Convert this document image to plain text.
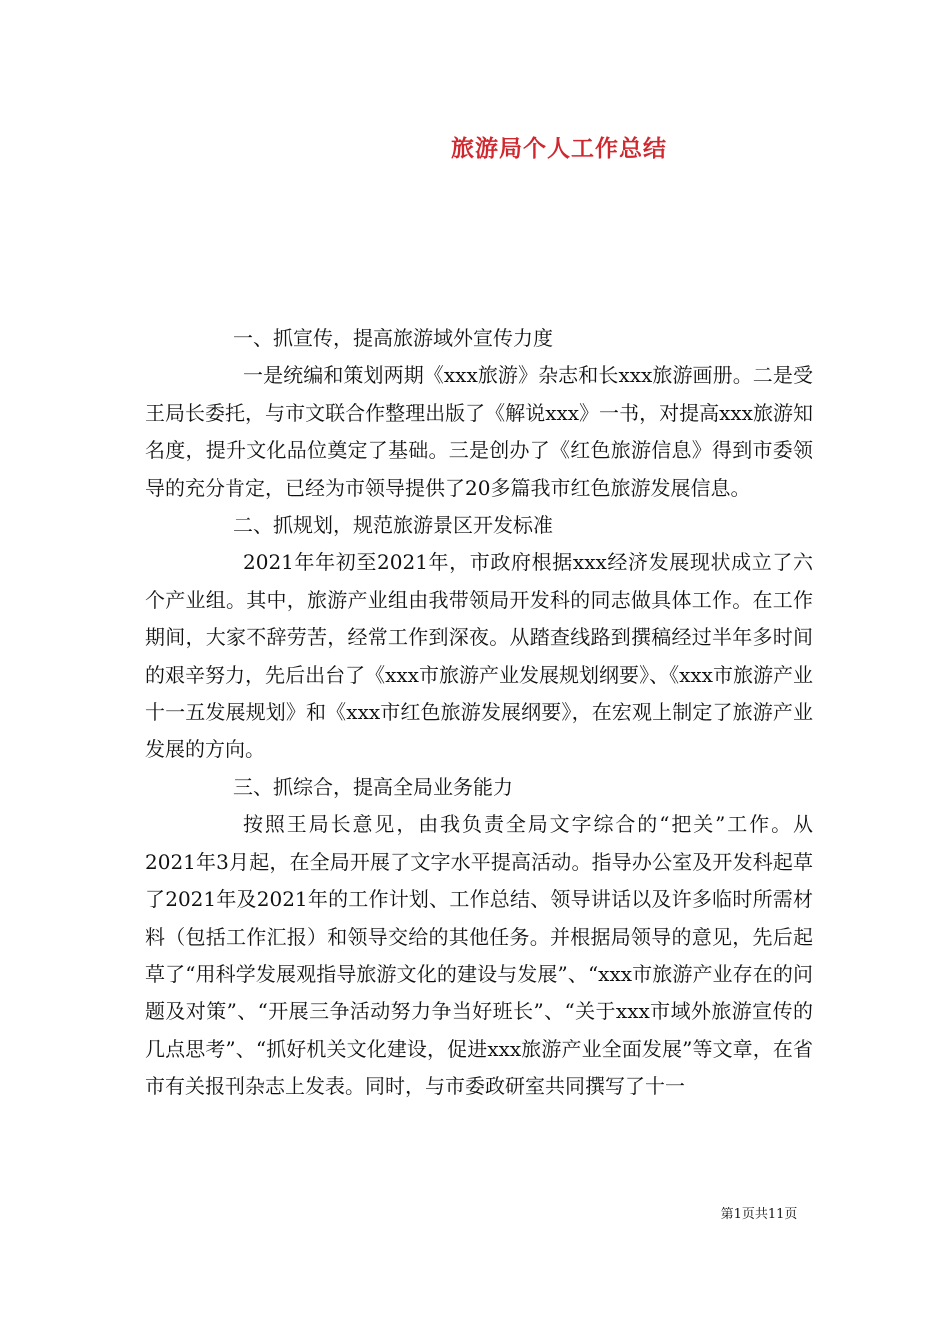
旅游局个人工作总结

一、抓宣传，提高旅游域外宣传力度

一是统编和策划两期《xxx旅游》杂志和长xxx旅游画册。二是受王局长委托，与市文联合作整理出版了《解说xxx》一书，对提高xxx旅游知名度，提升文化品位奠定了基础。三是创办了《红色旅游信息》得到市委领导的充分肯定，已经为市领导提供了20多篇我市红色旅游发展信息。

二、抓规划，规范旅游景区开发标准

2021年年初至2021年，市政府根据xxx经济发展现状成立了六个产业组。其中，旅游产业组由我带领局开发科的同志做具体工作。在工作期间，大家不辞劳苦，经常工作到深夜。从踏查线路到撰稿经过半年多时间的艰辛努力，先后出台了《xxx市旅游产业发展规划纲要》、《xxx市旅游产业十一五发展规划》和《xxx市红色旅游发展纲要》，在宏观上制定了旅游产业发展的方向。

三、抓综合，提高全局业务能力

按照王局长意见，由我负责全局文字综合的“把关”工作。从2021年3月起，在全局开展了文字水平提高活动。指导办公室及开发科起草了2021年及2021年的工作计划、工作总结、领导讲话以及许多临时所需材料（包括工作汇报）和领导交给的其他任务。并根据局领导的意见，先后起草了“用科学发展观指导旅游文化的建设与发展”、“xxx市旅游产业存在的问题及对策”、“开展三争活动努力争当好班长”、“关于xxx市域外旅游宣传的几点思考”、“抓好机关文化建设，促进xxx旅游产业全面发展”等文章，在省市有关报刊杂志上发表。同时，与市委政研室共同撰写了十一

第1页共11页
